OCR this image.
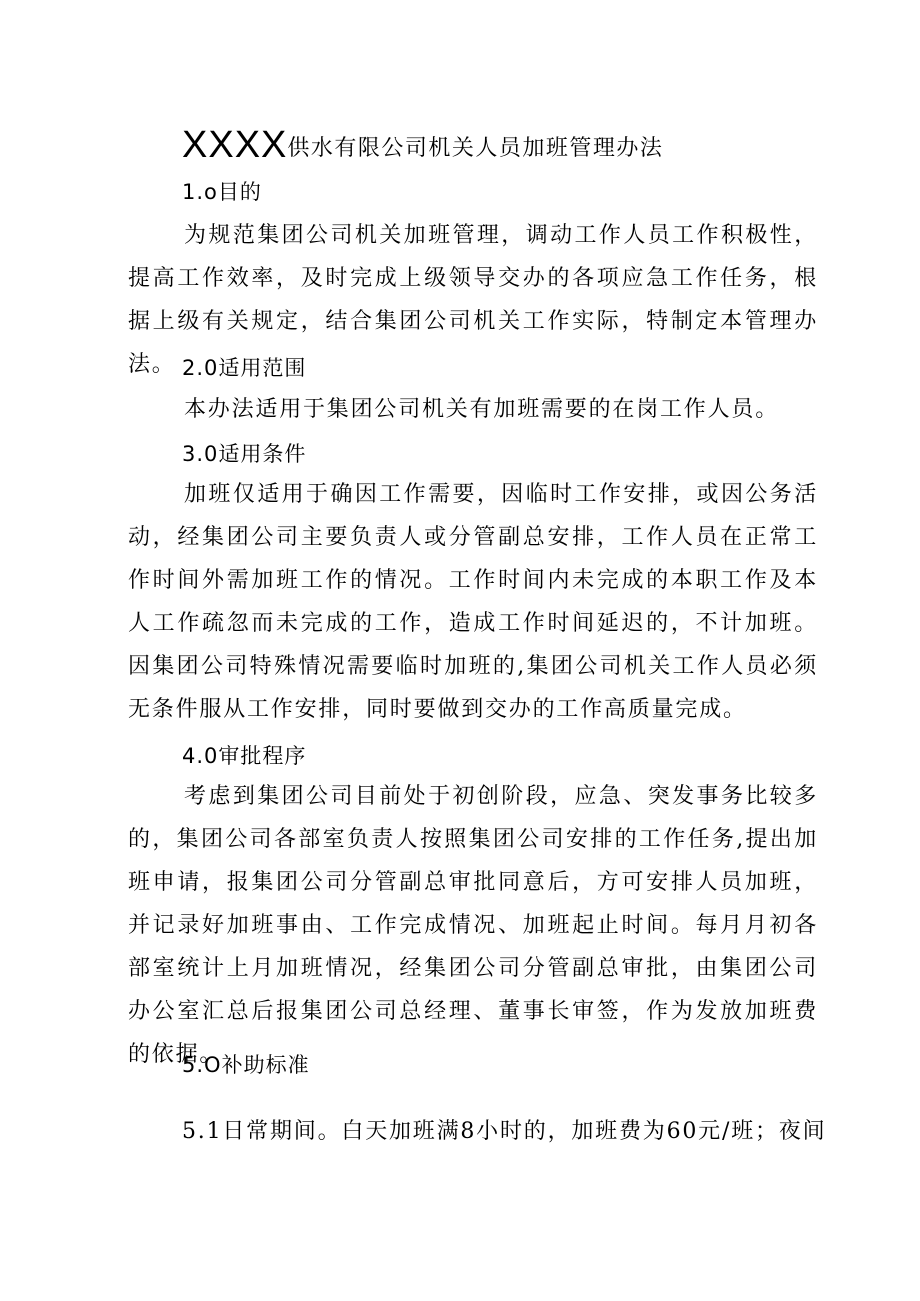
XXXX供水有限公司机关人员加班管理办法
1.o目的
为规范集团公司机关加班管理，调动工作人员工作积极性，提高工作效率，及时完成上级领导交办的各项应急工作任务，根据上级有关规定，结合集团公司机关工作实际，特制定本管理办法。 2.0适用范围
本办法适用于集团公司机关有加班需要的在岗工作人员。
3.0适用条件
加班仅适用于确因工作需要，因临时工作安排，或因公务活动，经集团公司主要负责人或分管副总安排，工作人员在正常工作时间外需加班工作的情况。工作时间内未完成的本职工作及本人工作疏忽而未完成的工作，造成工作时间延迟的，不计加班。因集团公司特殊情况需要临时加班的,集团公司机关工作人员必须无条件服从工作安排，同时要做到交办的工作高质量完成。
4.0审批程序
考虑到集团公司目前处于初创阶段，应急、突发事务比较多的，集团公司各部室负责人按照集团公司安排的工作任务,提出加班申请，报集团公司分管副总审批同意后，方可安排人员加班，并记录好加班事由、工作完成情况、加班起止时间。每月月初各部室统计上月加班情况，经集团公司分管副总审批，由集团公司办公室汇总后报集团公司总经理、董事长审签，作为发放加班费的依据。
5.O补助标准
5.1日常期间。白天加班满8小时的，加班费为60元/班；夜间
